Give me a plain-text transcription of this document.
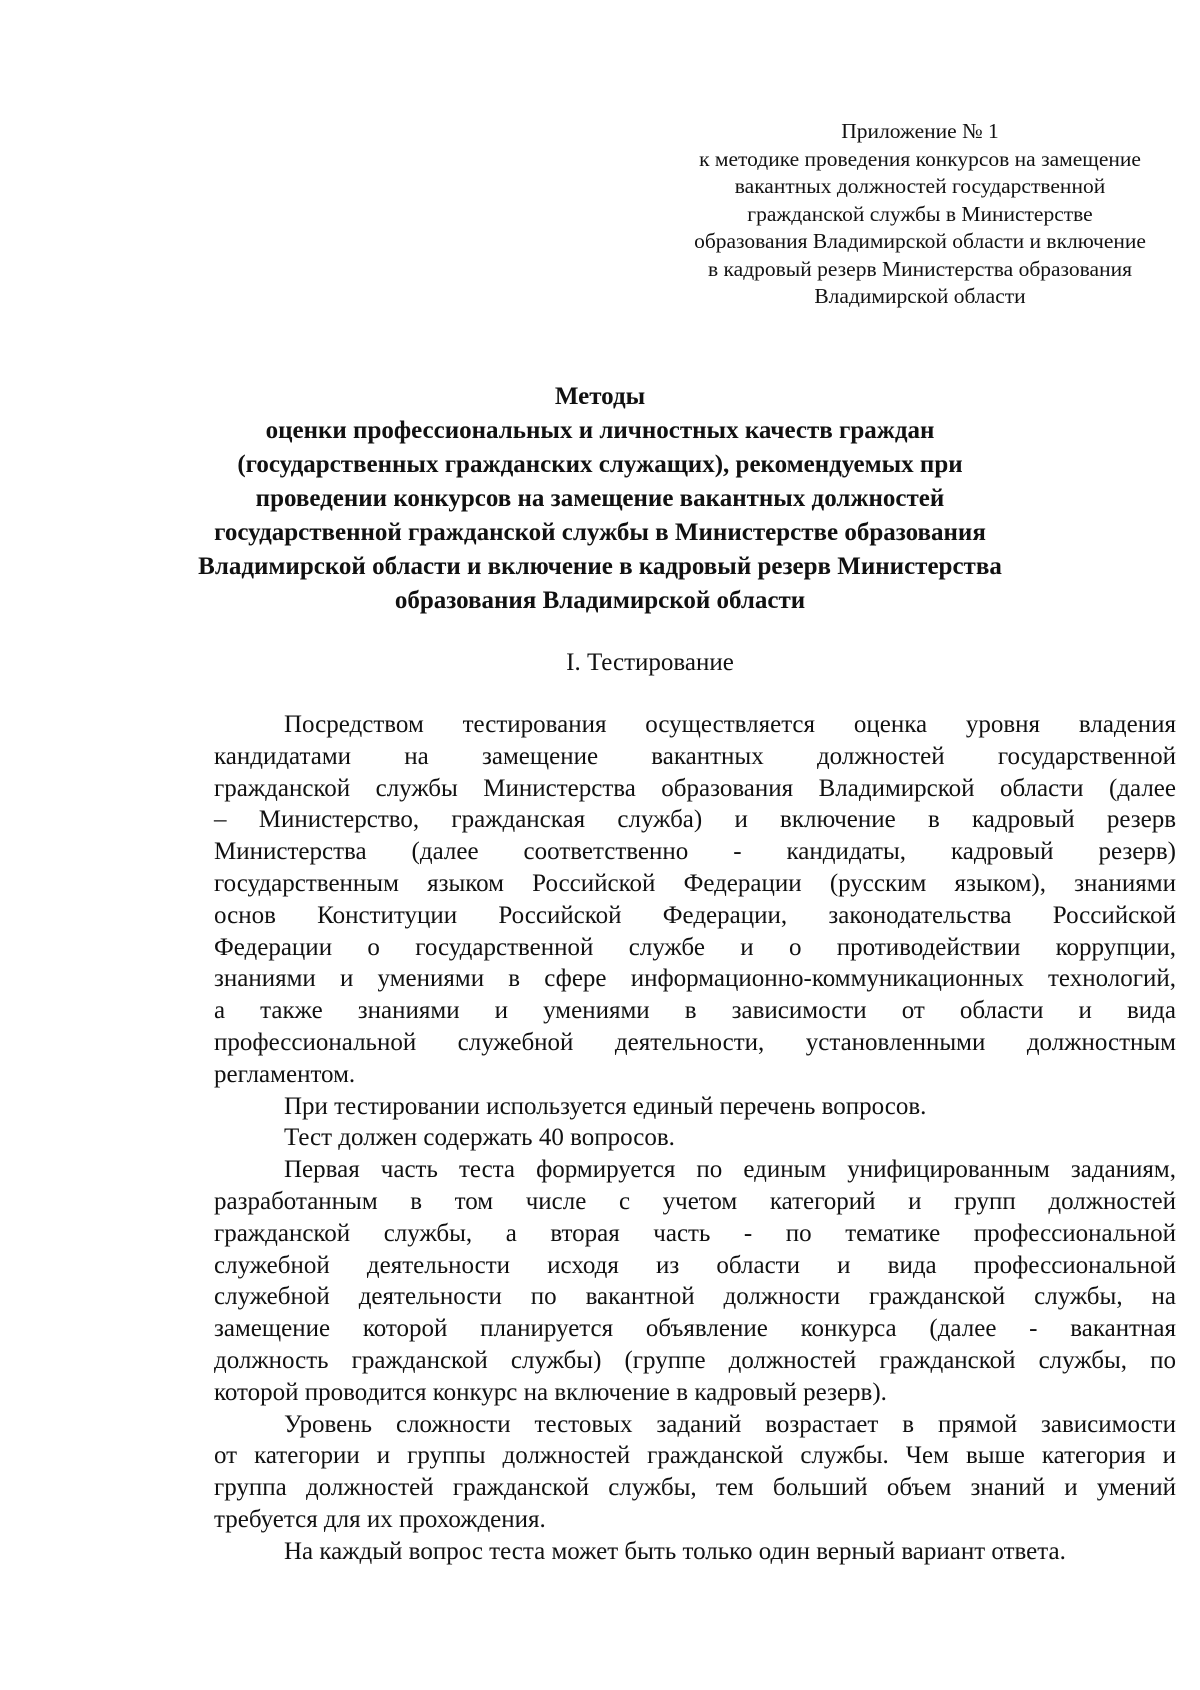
Приложение № 1
к методике проведения конкурсов на замещение
вакантных должностей государственной
гражданской службы в Министерстве
образования Владимирской области и включение
в кадровый резерв Министерства образования
Владимирской области
Методы
оценки профессиональных и личностных качеств граждан
(государственных гражданских служащих), рекомендуемых при
проведении конкурсов на замещение вакантных должностей
государственной гражданской службы в Министерстве образования
Владимирской области и включение в кадровый резерв Министерства
образования Владимирской области
I. Тестирование
Посредством тестирования осуществляется оценка уровня владения
кандидатами на замещение вакантных должностей государственной
гражданской службы Министерства образования Владимирской области (далее
– Министерство, гражданская служба) и включение в кадровый резерв
Министерства (далее соответственно - кандидаты, кадровый резерв)
государственным языком Российской Федерации (русским языком), знаниями
основ Конституции Российской Федерации, законодательства Российской
Федерации о государственной службе и о противодействии коррупции,
знаниями и умениями в сфере информационно-коммуникационных технологий,
а также знаниями и умениями в зависимости от области и вида
профессиональной служебной деятельности, установленными должностным
регламентом.
При тестировании используется единый перечень вопросов.
Тест должен содержать 40 вопросов.
Первая часть теста формируется по единым унифицированным заданиям,
разработанным в том числе с учетом категорий и групп должностей
гражданской службы, а вторая часть - по тематике профессиональной
служебной деятельности исходя из области и вида профессиональной
служебной деятельности по вакантной должности гражданской службы, на
замещение которой планируется объявление конкурса (далее - вакантная
должность гражданской службы) (группе должностей гражданской службы, по
которой проводится конкурс на включение в кадровый резерв).
Уровень сложности тестовых заданий возрастает в прямой зависимости
от категории и группы должностей гражданской службы. Чем выше категория и
группа должностей гражданской службы, тем больший объем знаний и умений
требуется для их прохождения.
На каждый вопрос теста может быть только один верный вариант ответа.
